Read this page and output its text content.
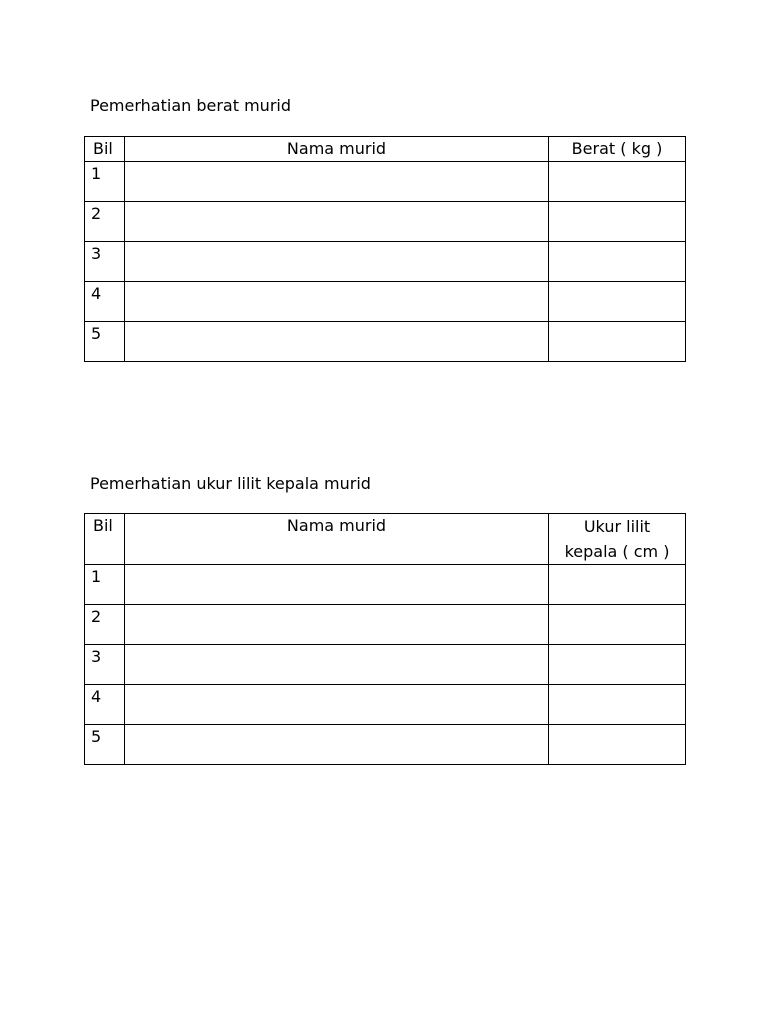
Pemerhatian berat murid
Bil	Nama murid	Berat ( kg )
1		
2		
3		
4		
5		
Pemerhatian ukur lilit kepala murid
Bil	Nama murid	Ukur lilit
kepala ( cm )

1		
2		
3		
4		
5		
